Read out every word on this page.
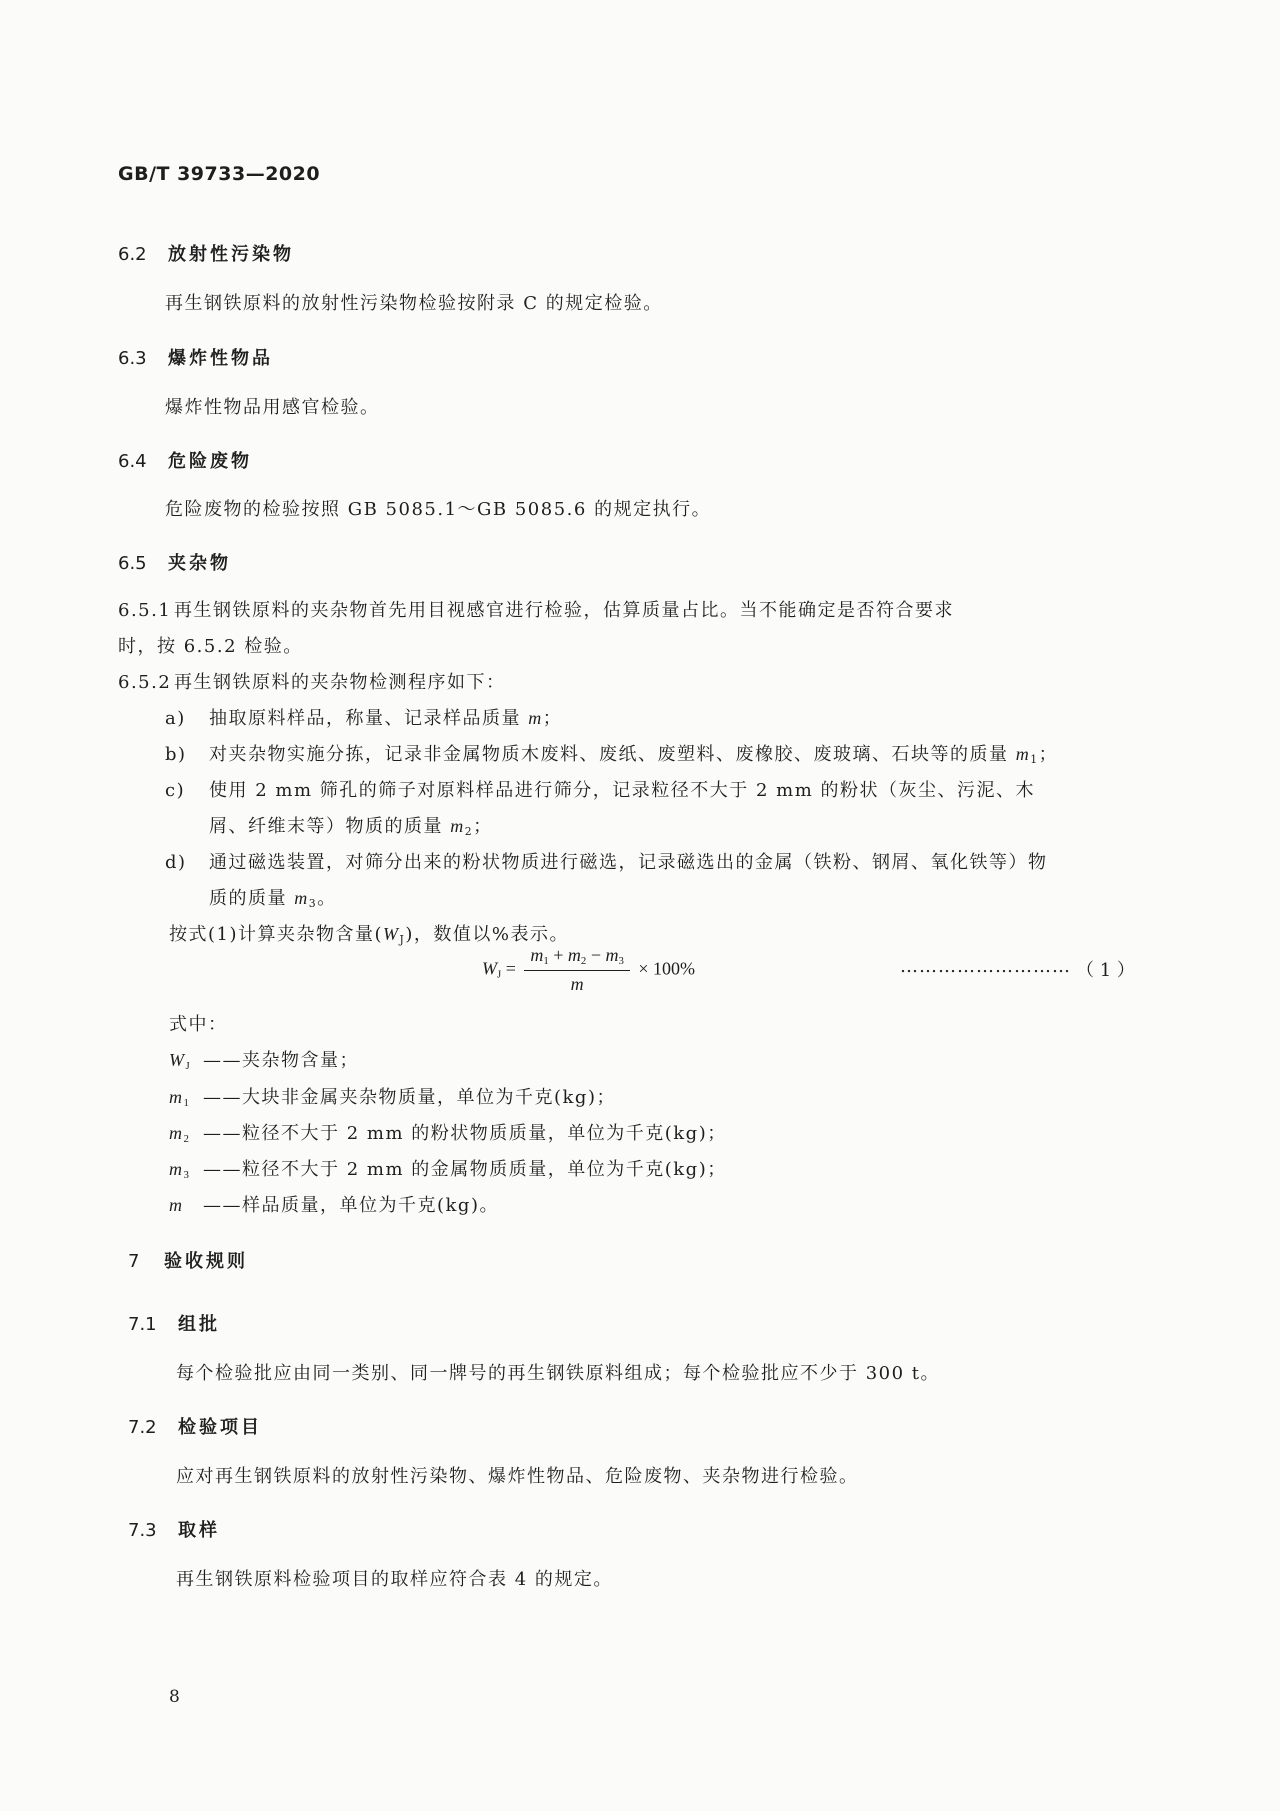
GB/T 39733—2020
6.2 放射性污染物
再生钢铁原料的放射性污染物检验按附录 C 的规定检验。
6.3 爆炸性物品
爆炸性物品用感官检验。
6.4 危险废物
危险废物的检验按照 GB 5085.1～GB 5085.6 的规定执行。
6.5 夹杂物
6.5.1 再生钢铁原料的夹杂物首先用目视感官进行检验，估算质量占比。当不能确定是否符合要求
时，按 6.5.2 检验。
6.5.2 再生钢铁原料的夹杂物检测程序如下：
a) 抽取原料样品，称量、记录样品质量 m；
b) 对夹杂物实施分拣，记录非金属物质木废料、废纸、废塑料、废橡胶、废玻璃、石块等的质量 $m_1$；
c) 使用 2 mm 筛孔的筛子对原料样品进行筛分，记录粒径不大于 2 mm 的粉状（灰尘、污泥、木
屑、纤维末等）物质的质量 $m_2$；
d) 通过磁选装置，对筛分出来的粉状物质进行磁选，记录磁选出的金属（铁粉、钢屑、氧化铁等）物
质的质量 $m_3$。
按式(1)计算夹杂物含量$(W_J)$，数值以%表示。
$W_J = \frac{m_1 + m_2 - m_3}{m} \times 100\%$	……………………… （ 1 ）
式中：
$W_J$ ——夹杂物含量；
$m_1$ ——大块非金属夹杂物质量，单位为千克(kg)；
$m_2$ ——粒径不大于 2 mm 的粉状物质质量，单位为千克(kg)；
$m_3$ ——粒径不大于 2 mm 的金属物质质量，单位为千克(kg)；
m ——样品质量，单位为千克(kg)。
7 验收规则
7.1 组批
每个检验批应由同一类别、同一牌号的再生钢铁原料组成；每个检验批应不少于 300 t。
7.2 检验项目
应对再生钢铁原料的放射性污染物、爆炸性物品、危险废物、夹杂物进行检验。
7.3 取样
再生钢铁原料检验项目的取样应符合表 4 的规定。
8
